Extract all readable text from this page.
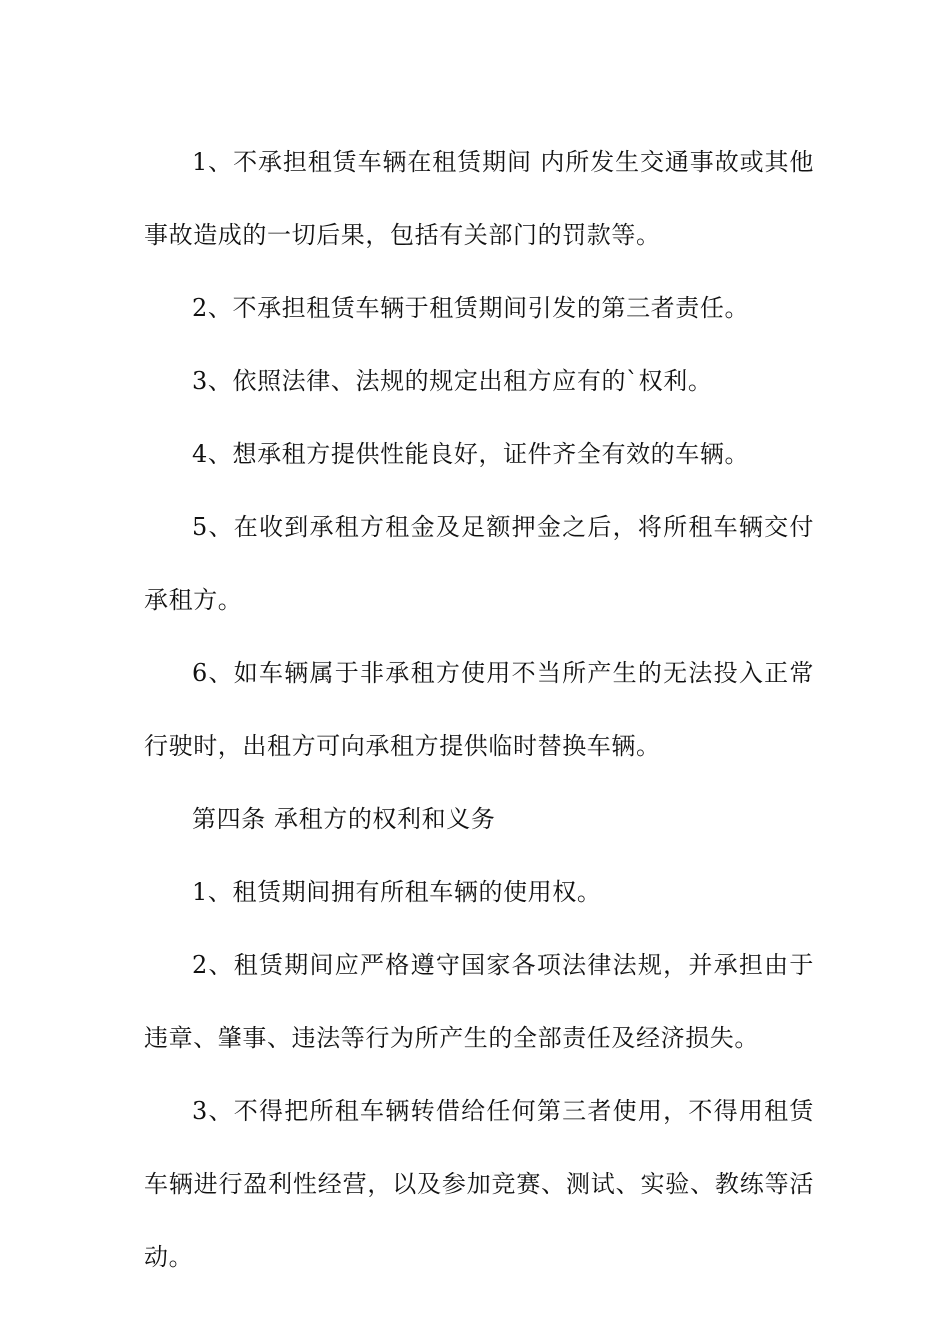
1、不承担租赁车辆在租赁期间 内所发生交通事故或其他事故造成的一切后果，包括有关部门的罚款等。

2、不承担租赁车辆于租赁期间引发的第三者责任。

3、依照法律、法规的规定出租方应有的`权利。

4、想承租方提供性能良好，证件齐全有效的车辆。

5、在收到承租方租金及足额押金之后，将所租车辆交付承租方。

6、如车辆属于非承租方使用不当所产生的无法投入正常行驶时，出租方可向承租方提供临时替换车辆。

第四条 承租方的权利和义务

1、租赁期间拥有所租车辆的使用权。

2、租赁期间应严格遵守国家各项法律法规，并承担由于违章、肇事、违法等行为所产生的全部责任及经济损失。

3、不得把所租车辆转借给任何第三者使用，不得用租赁车辆进行盈利性经营，以及参加竞赛、测试、实验、教练等活动。
